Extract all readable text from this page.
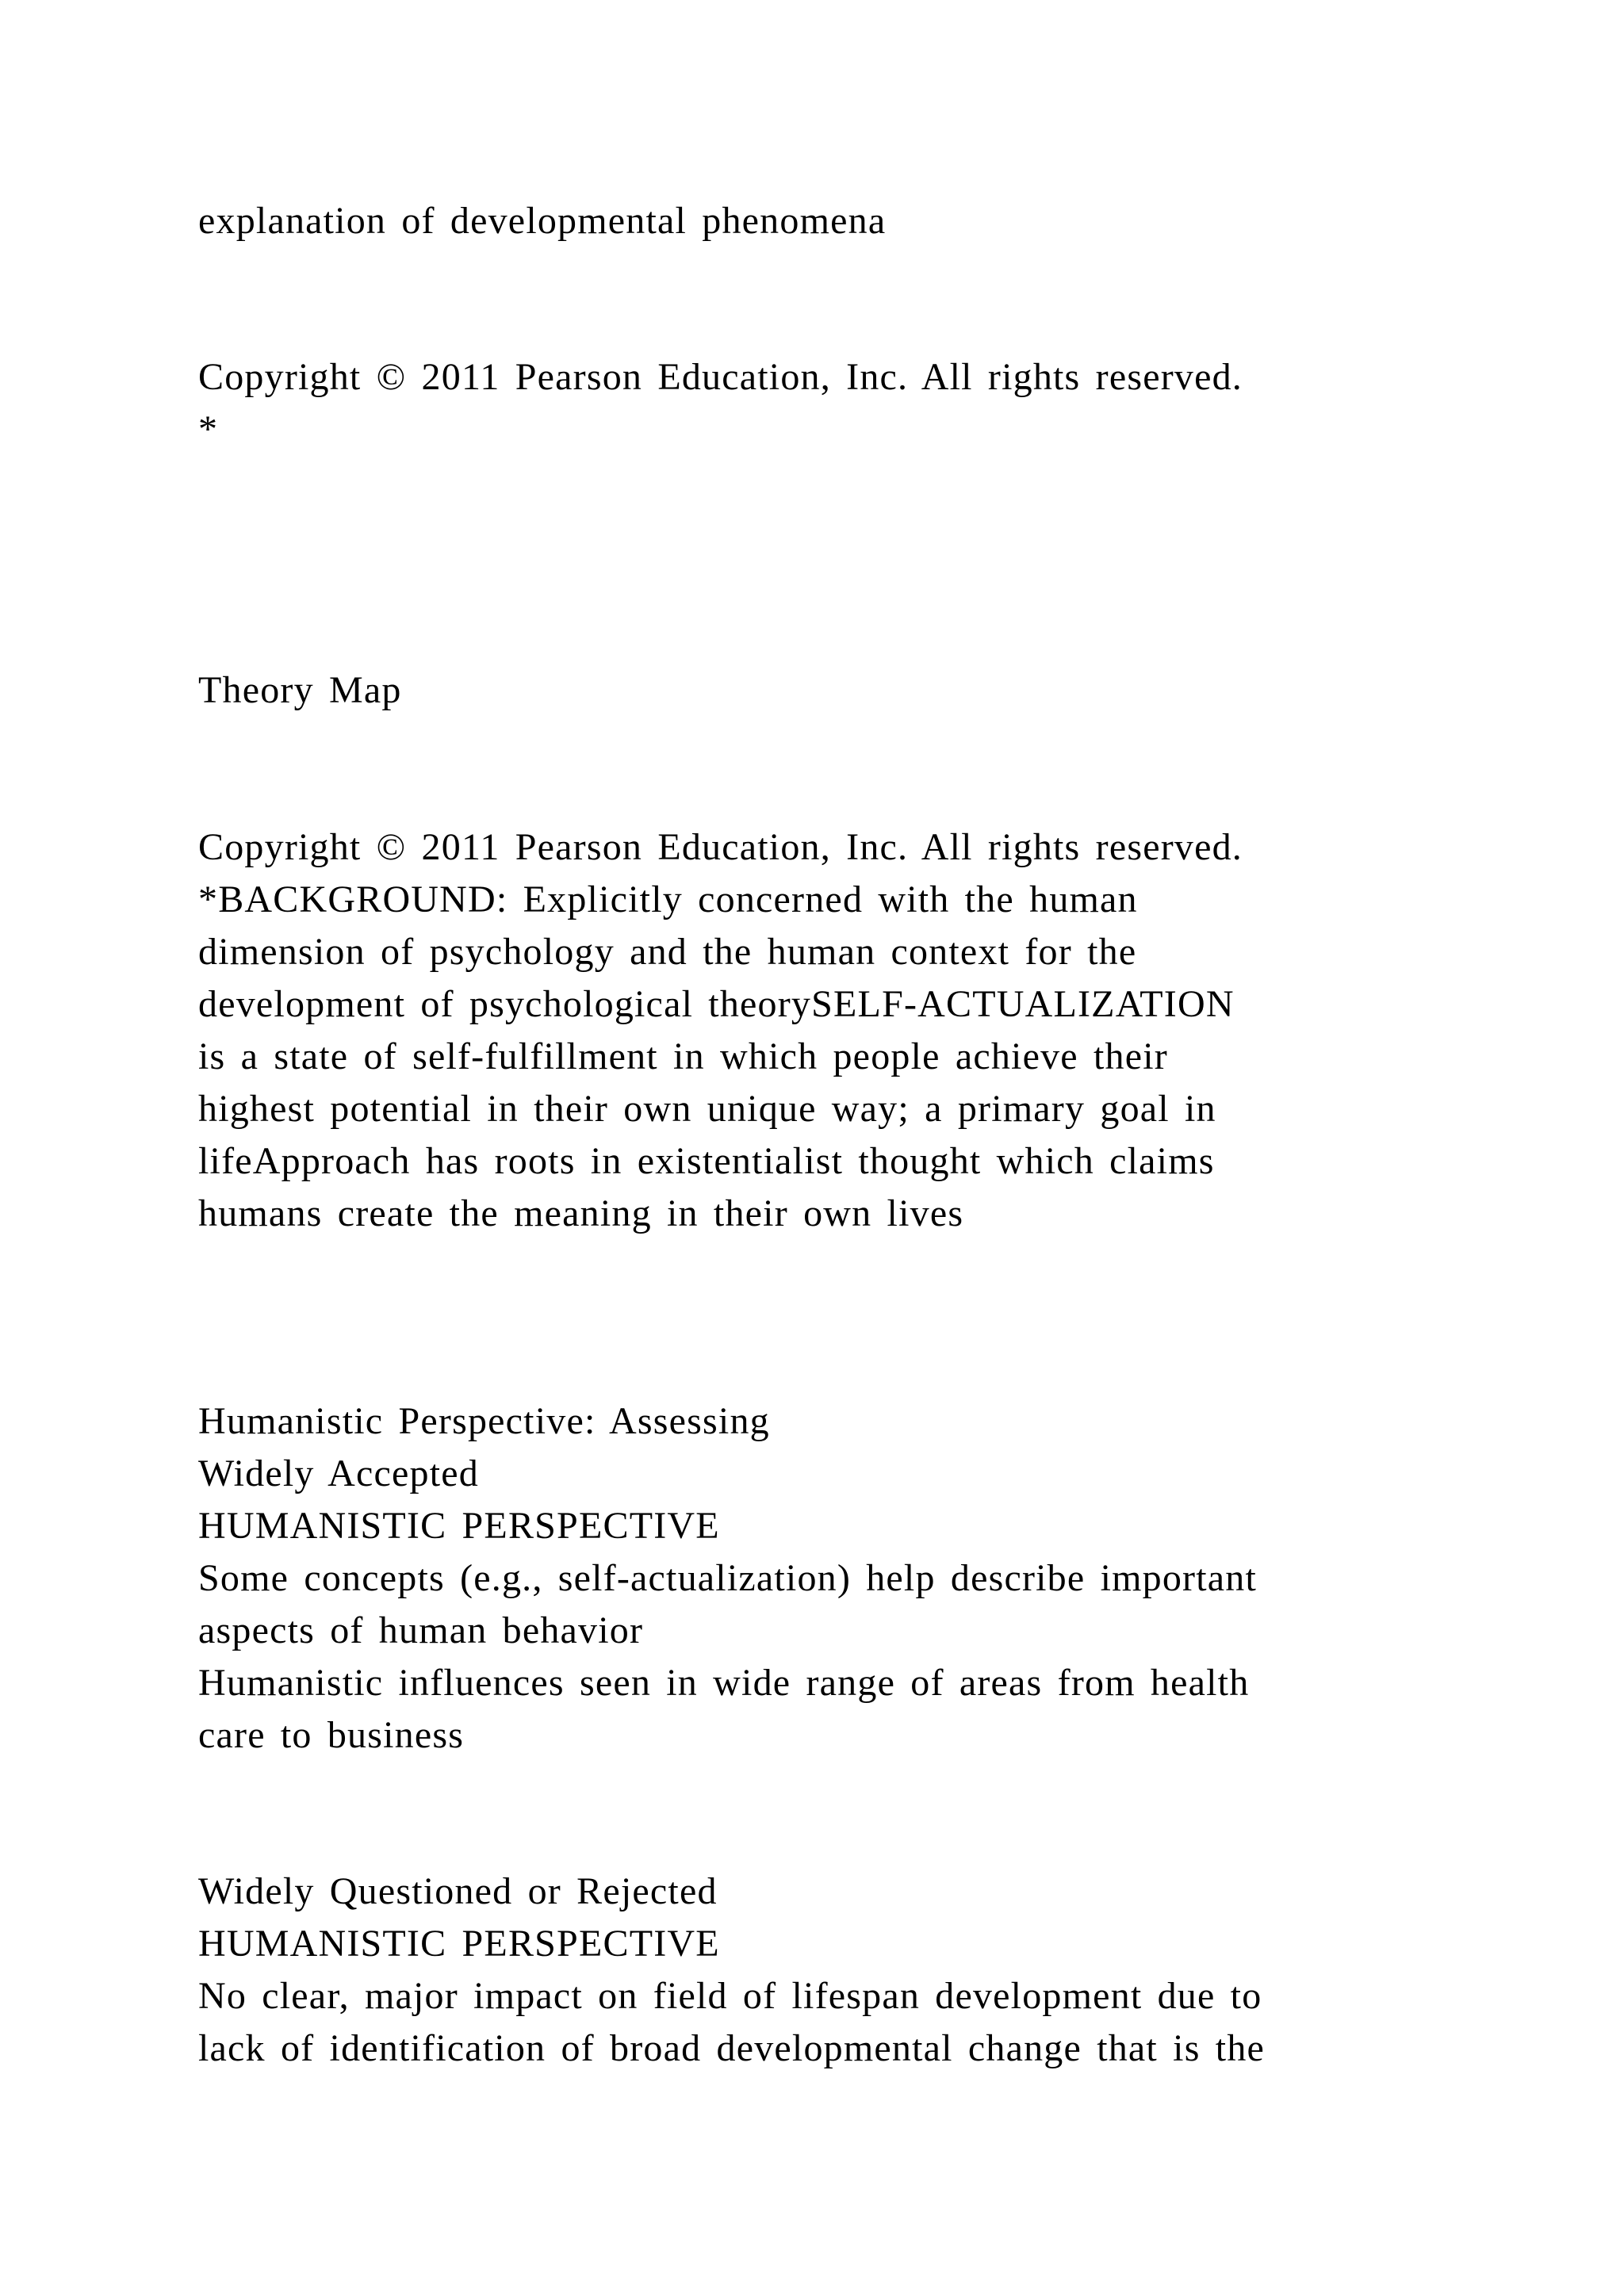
explanation of developmental phenomena

Copyright © 2011 Pearson Education, Inc. All rights reserved.

*

Theory Map

Copyright © 2011 Pearson Education, Inc. All rights reserved.

*BACKGROUND: Explicitly concerned with the human

dimension of psychology and the human context for the

development of psychological theorySELF-ACTUALIZATION

is a state of self-fulfillment in which people achieve their

highest potential in their own unique way; a primary goal in

lifeApproach has roots in existentialist thought which claims

humans create the meaning in their own lives

Humanistic Perspective: Assessing

Widely Accepted

HUMANISTIC PERSPECTIVE

Some concepts (e.g., self-actualization) help describe important

aspects of human behavior

Humanistic influences seen in wide range of areas from health

care to business

Widely Questioned or Rejected

HUMANISTIC PERSPECTIVE

No clear, major impact on field of lifespan development due to

lack of identification of broad developmental change that is the
